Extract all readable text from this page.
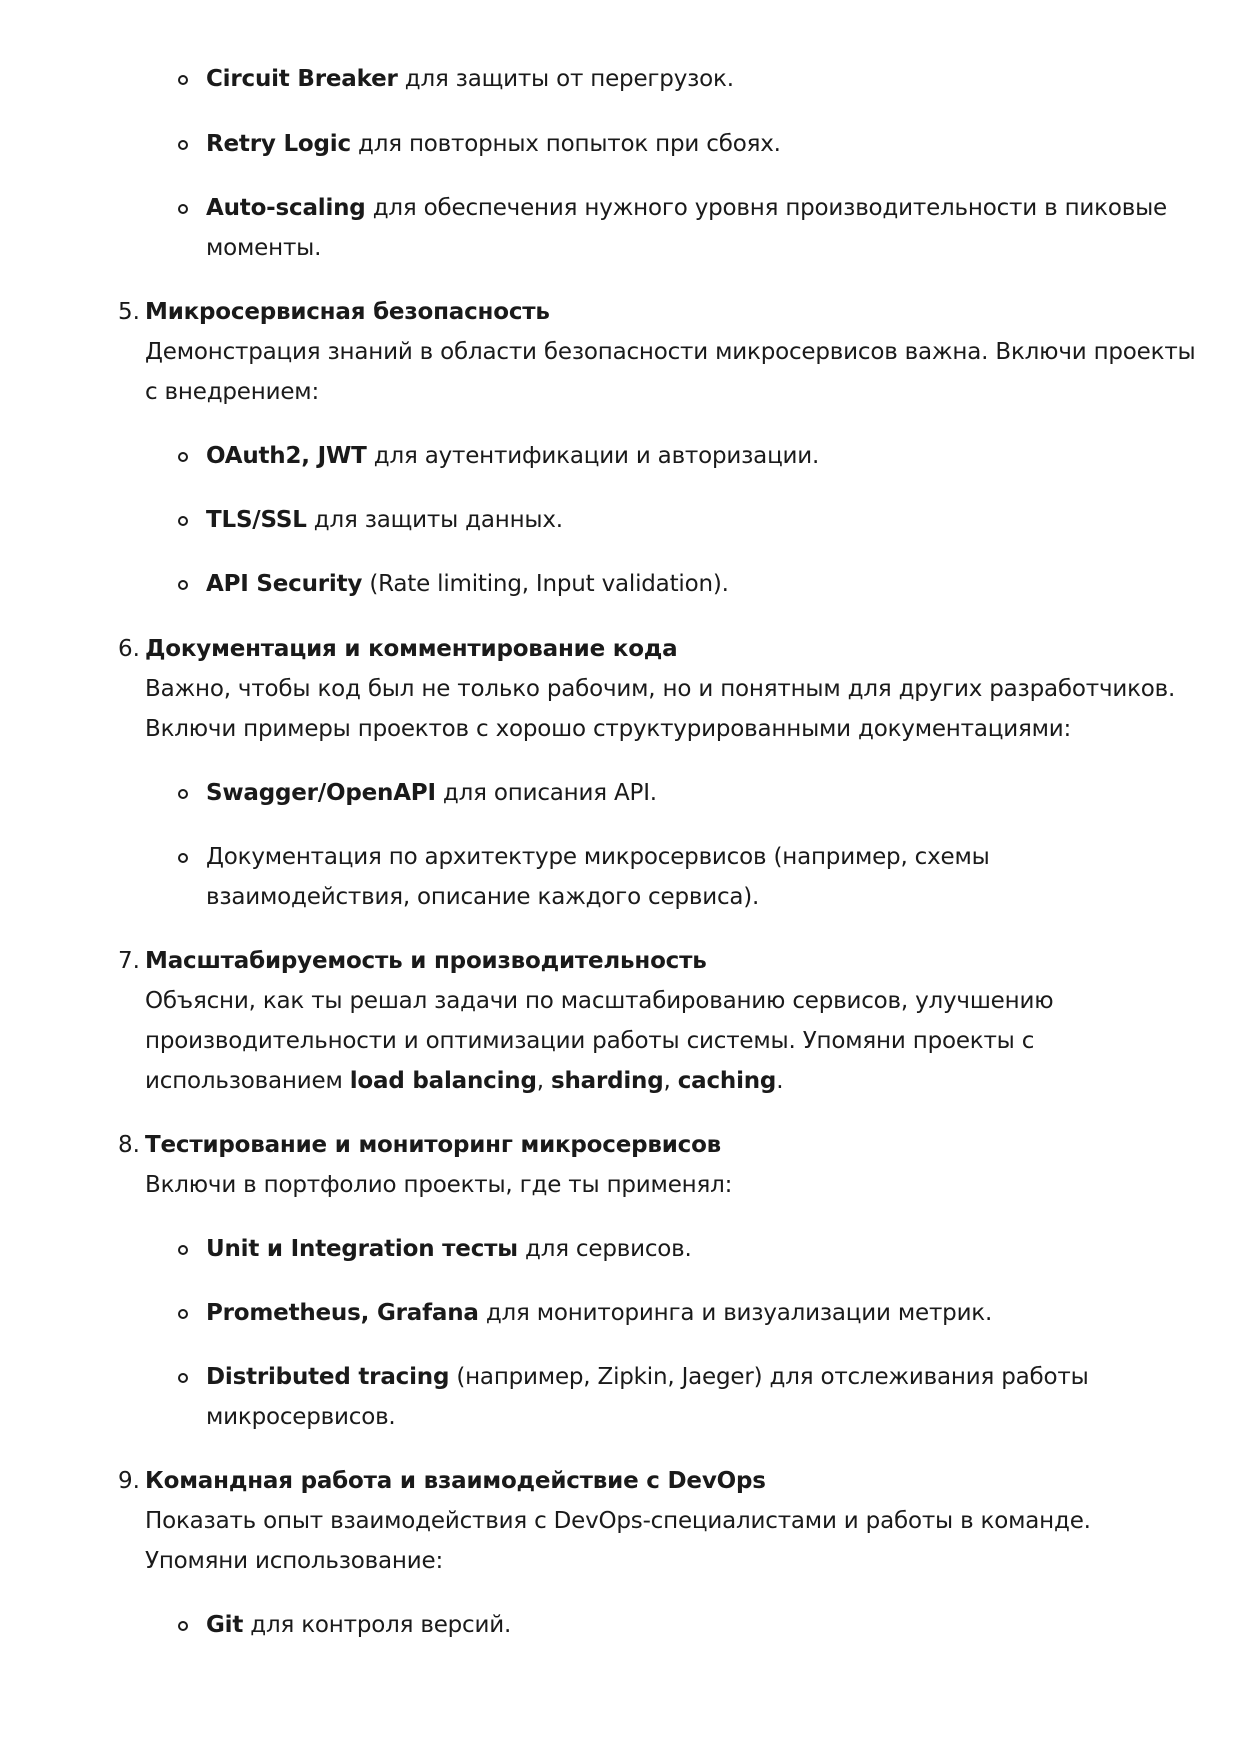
Circuit Breaker для защиты от перегрузок.
Retry Logic для повторных попыток при сбоях.
Auto-scaling для обеспечения нужного уровня производительности в пиковые
моменты.
5. Микросервисная безопасность
Демонстрация знаний в области безопасности микросервисов важна. Включи проекты
с внедрением:
OAuth2, JWT для аутентификации и авторизации.
TLS/SSL для защиты данных.
API Security (Rate limiting, Input validation).
6. Документация и комментирование кода
Важно, чтобы код был не только рабочим, но и понятным для других разработчиков.
Включи примеры проектов с хорошо структурированными документациями:
Swagger/OpenAPI для описания API.
Документация по архитектуре микросервисов (например, схемы
взаимодействия, описание каждого сервиса).
7. Масштабируемость и производительность
Объясни, как ты решал задачи по масштабированию сервисов, улучшению
производительности и оптимизации работы системы. Упомяни проекты с
использованием load balancing, sharding, caching.
8. Тестирование и мониторинг микросервисов
Включи в портфолио проекты, где ты применял:
Unit и Integration тесты для сервисов.
Prometheus, Grafana для мониторинга и визуализации метрик.
Distributed tracing (например, Zipkin, Jaeger) для отслеживания работы
микросервисов.
9. Командная работа и взаимодействие с DevOps
Показать опыт взаимодействия с DevOps-специалистами и работы в команде.
Упомяни использование:
Git для контроля версий.
